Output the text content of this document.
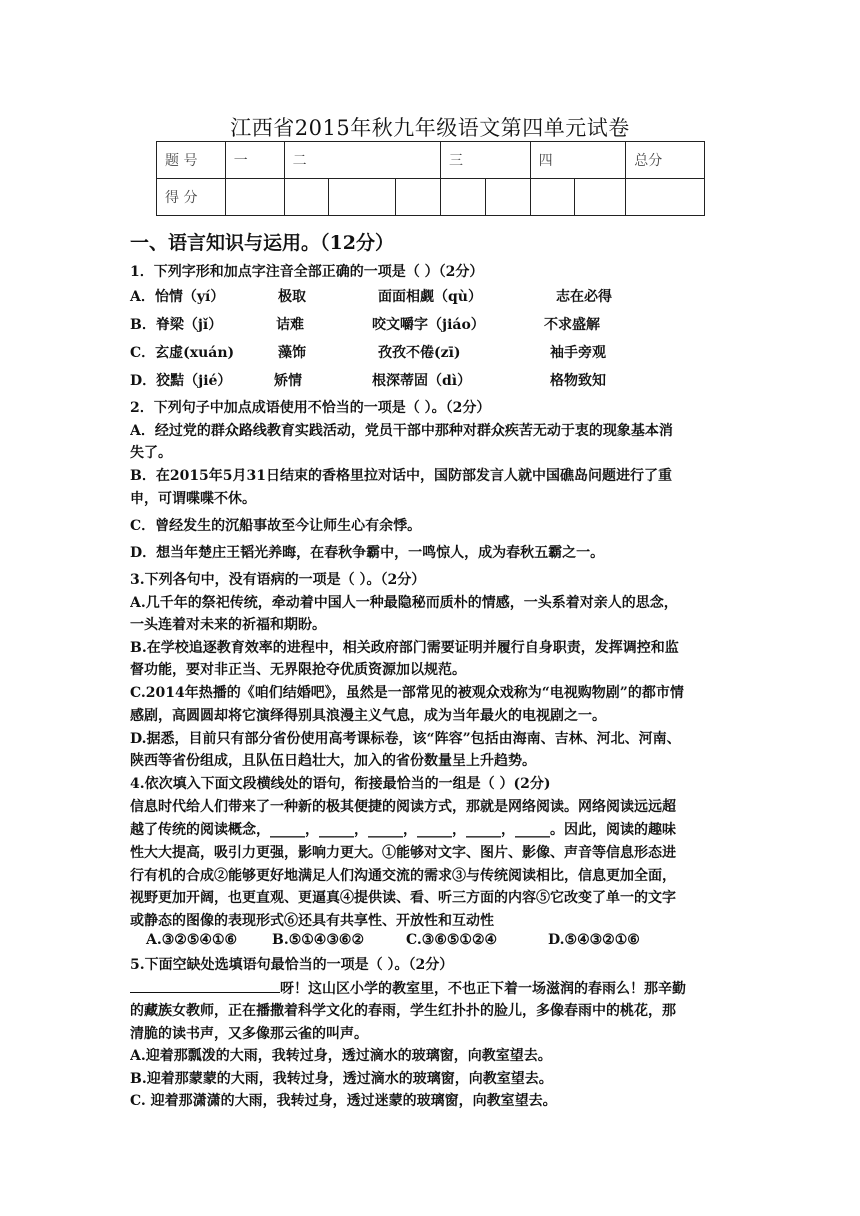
江西省2015年秋九年级语文第四单元试卷
题 号	一	二			三		四		总分
得 分									
一、语言知识与运用。（12分）
1．下列字形和加点字注音全部正确的一项是（ ）（2分）
A．怡情（yí）	极取	面面相觑（qù）	志在必得
B．脊梁（jǐ）	诘难	咬文嚼字（jiáo）	不求盛解
C．玄虚(xuán)	藻饰	孜孜不倦(zī)	袖手旁观
D．狡黠（jié）	矫情	根深蒂固（dì）	格物致知
2．下列句子中加点成语使用不恰当的一项是（ ）。（2分）
A．经过党的群众路线教育实践活动，党员干部中那种对群众疾苦无动于衷的现象基本消
失了。
B．在2015年5月31日结束的香格里拉对话中，国防部发言人就中国礁岛问题进行了重
申，可谓喋喋不休。
C．曾经发生的沉船事故至今让师生心有余悸。
D．想当年楚庄王韬光养晦，在春秋争霸中，一鸣惊人，成为春秋五霸之一。
3.下列各句中，没有语病的一项是（ ）。（2分）
A.几千年的祭祀传统，牵动着中国人一种最隐秘而质朴的情感，一头系着对亲人的思念，
一头连着对未来的祈福和期盼。
B.在学校追逐教育效率的进程中，相关政府部门需要证明并履行自身职责，发挥调控和监
督功能，要对非正当、无界限抢夺优质资源加以规范。
C.2014年热播的《咱们结婚吧》，虽然是一部常见的被观众戏称为“电视购物剧”的都市情
感剧，高圆圆却将它演绎得别具浪漫主义气息，成为当年最火的电视剧之一。
D.据悉，目前只有部分省份使用高考课标卷，该“阵容”包括由海南、吉林、河北、河南、
陕西等省份组成，且队伍日趋壮大，加入的省份数量呈上升趋势。
4.依次填入下面文段横线处的语句，衔接最恰当的一组是（ ）(2分)
信息时代给人们带来了一种新的极其便捷的阅读方式，那就是网络阅读。网络阅读远远超
越了传统的阅读概念，_____，_____，_____，_____，_____，_____。因此，阅读的趣味
性大大提高，吸引力更强，影响力更大。①能够对文字、图片、影像、声音等信息形态进
行有机的合成②能够更好地满足人们沟通交流的需求③与传统阅读相比，信息更加全面，
视野更加开阔，也更直观、更逼真④提供读、看、听三方面的内容⑤它改变了单一的文字
或静态的图像的表现形式⑥还具有共享性、开放性和互动性
A.③②⑤④①⑥ B.⑤①④③⑥②	C.③⑥⑤①②④	D.⑤④③②①⑥
5.下面空缺处选填语句最恰当的一项是（ ）。（2分）
呀！这山区小学的教室里，不也正下着一场滋润的春雨么！那辛勤
的藏族女教师，正在播撒着科学文化的春雨，学生红扑扑的脸儿，多像春雨中的桃花，那
清脆的读书声，又多像那云雀的叫声。
A.迎着那瓢泼的大雨，我转过身，透过滴水的玻璃窗，向教室望去。
B.迎着那蒙蒙的大雨，我转过身，透过滴水的玻璃窗，向教室望去。
C. 迎着那潇潇的大雨，我转过身，透过迷蒙的玻璃窗，向教室望去。
